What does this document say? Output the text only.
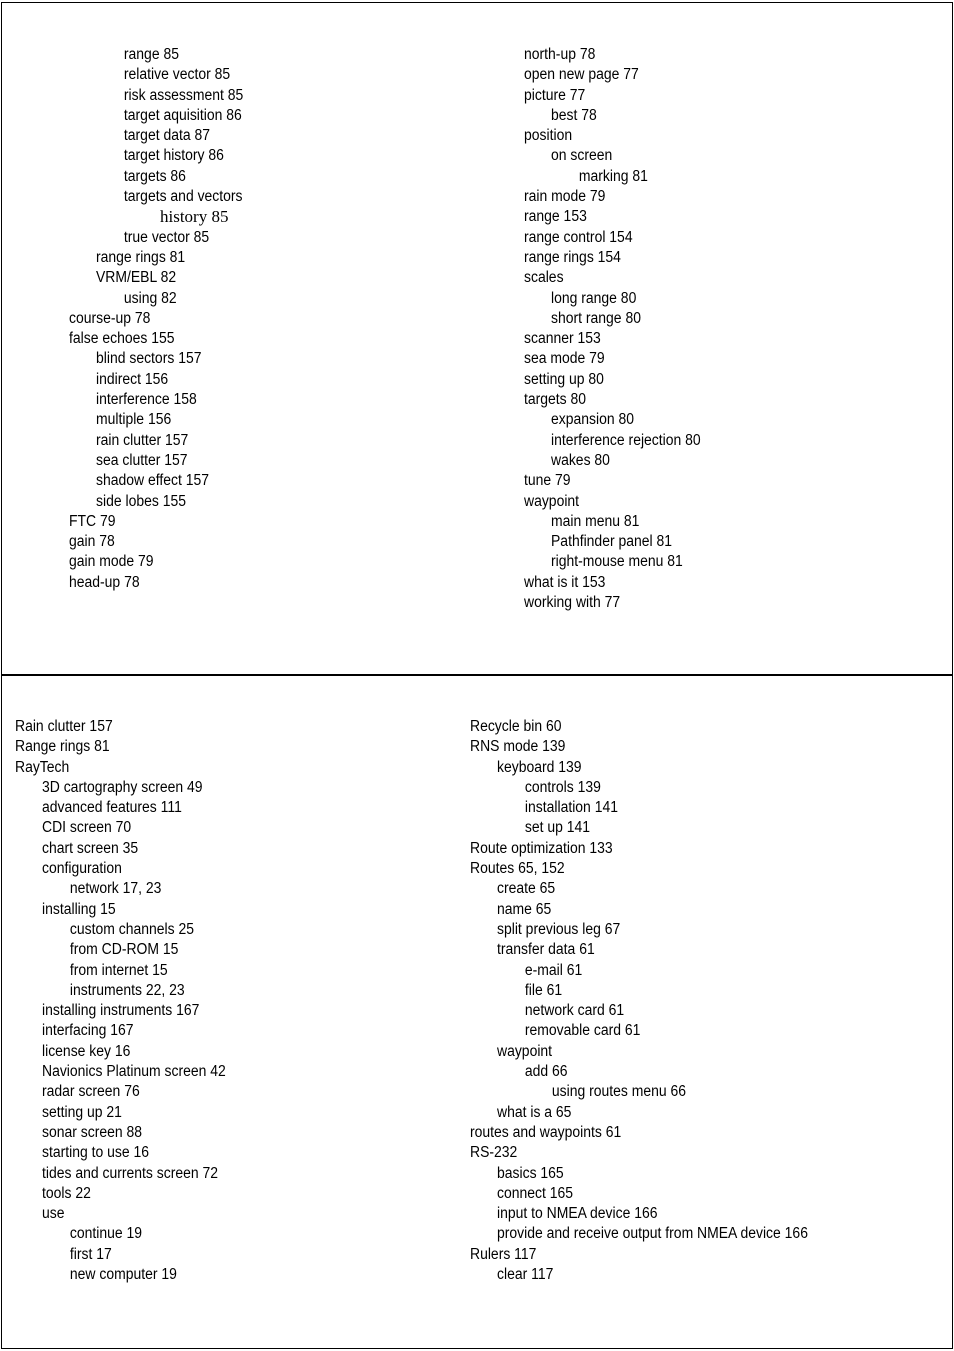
range 85
relative vector 85
risk assessment 85
target aquisition 86
target data 87
target history 86
targets 86
targets and vectors
history 85
true vector 85
range rings 81
VRM/EBL 82
using 82
course-up 78
false echoes 155
blind sectors 157
indirect 156
interference 158
multiple 156
rain clutter 157
sea clutter 157
shadow effect 157
side lobes 155
FTC 79
gain 78
gain mode 79
head-up 78
north-up 78
open new page 77
picture 77
best 78
position
on screen
marking 81
rain mode 79
range 153
range control 154
range rings 154
scales
long range 80
short range 80
scanner 153
sea mode 79
setting up 80
targets 80
expansion 80
interference rejection 80
wakes 80
tune 79
waypoint
main menu 81
Pathfinder panel 81
right-mouse menu 81
what is it 153
working with 77
Rain clutter 157
Range rings 81
RayTech
3D cartography screen 49
advanced features 111
CDI screen 70
chart screen 35
configuration
network 17, 23
installing 15
custom channels 25
from CD-ROM 15
from internet 15
instruments 22, 23
installing instruments 167
interfacing 167
license key 16
Navionics Platinum screen 42
radar screen 76
setting up 21
sonar screen 88
starting to use 16
tides and currents screen 72
tools 22
use
continue 19
first 17
new computer 19
Recycle bin 60
RNS mode 139
keyboard 139
controls 139
installation 141
set up 141
Route optimization 133
Routes 65, 152
create 65
name 65
split previous leg 67
transfer data 61
e-mail 61
file 61
network card 61
removable card 61
waypoint
add 66
using routes menu 66
what is a 65
routes and waypoints 61
RS-232
basics 165
connect 165
input to NMEA device 166
provide and receive output from NMEA device 166
Rulers 117
clear 117
